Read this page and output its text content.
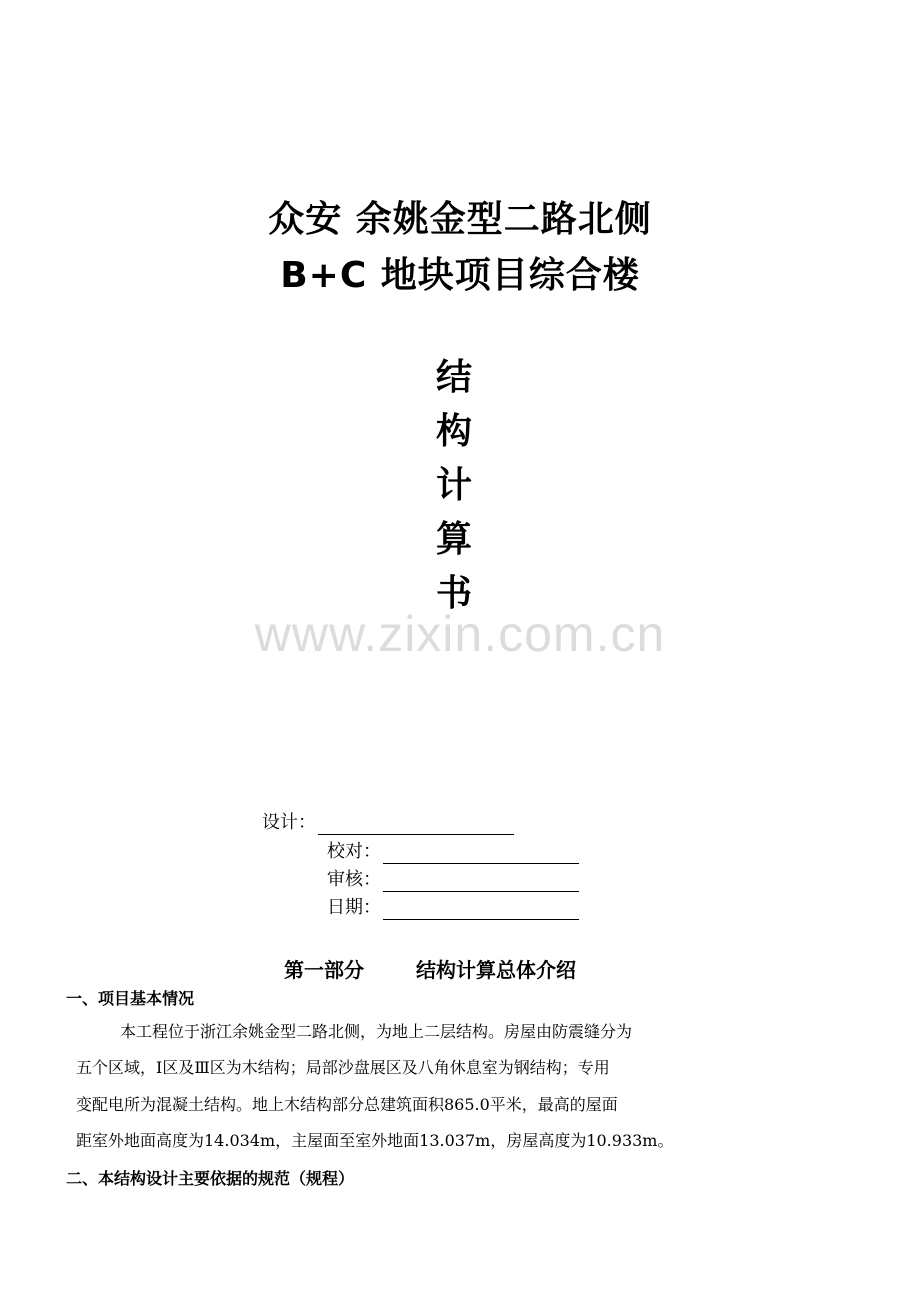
众安 余姚金型二路北侧
B+C 地块项目综合楼
结
构
计
算
书
www.zixin.com.cn
设计：
校对：
审核：
日期：
第一部分	结构计算总体介绍
一、项目基本情况
本工程位于浙江余姚金型二路北侧，为地上二层结构。房屋由防震缝分为
五个区域，Ⅰ区及Ⅲ区为木结构；局部沙盘展区及八角休息室为钢结构；专用
变配电所为混凝土结构。地上木结构部分总建筑面积865.0平米，最高的屋面
距室外地面高度为14.034m，主屋面至室外地面13.037m，房屋高度为10.933m。
二、本结构设计主要依据的规范（规程）
